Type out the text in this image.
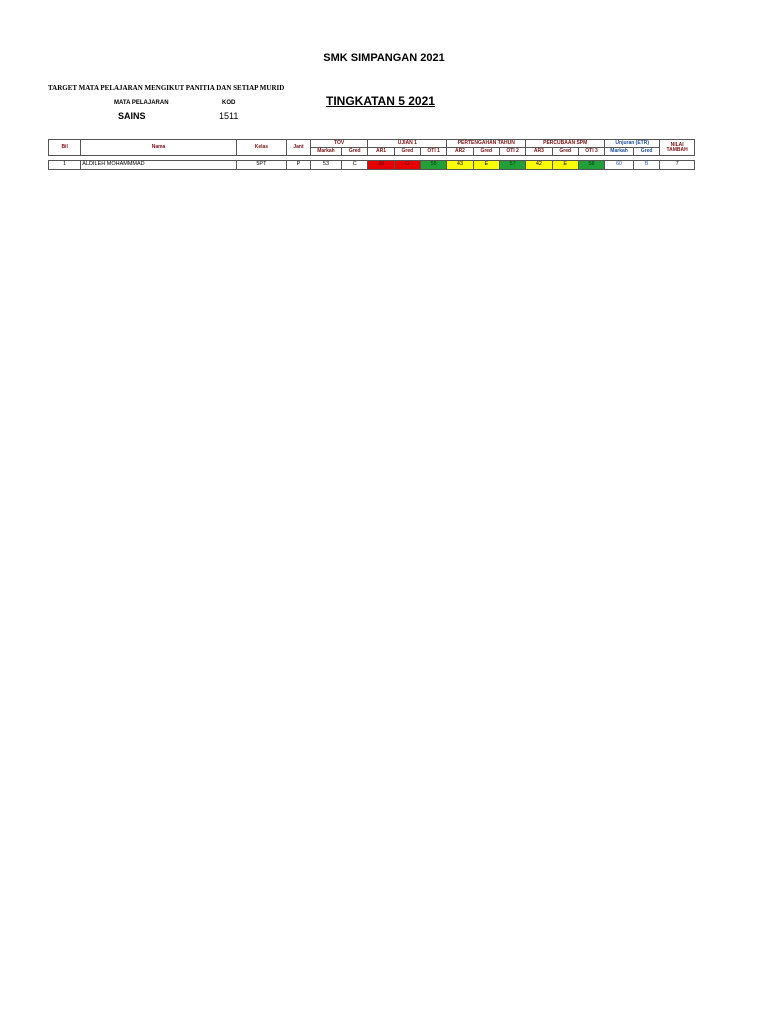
SMK SIMPANGAN 2021
TARGET MATA PELAJARAN MENGIKUT PANITIA DAN SETIAP MURID
MATA PELAJARAN	KOD
SAINS	1511
TINGKATAN 5 2021
Bil	Nama	Kelas	Jant	TOV		UJIAN 1			PERTENGAHAN TAHUN			PERCUBAAN SPM			Unjuran (ETR)		NILAI TAMBAH
				Markah	Gred	AR1	Gred	OTI 1	AR2	Gred	OTI 2	AR3	Gred	OTI 3	Markah	Gred	

1	ALDILEH MOHAMMMAD	5PT	P	53	C	30	G	55	43	E	57	42	E	58	60	B	7
